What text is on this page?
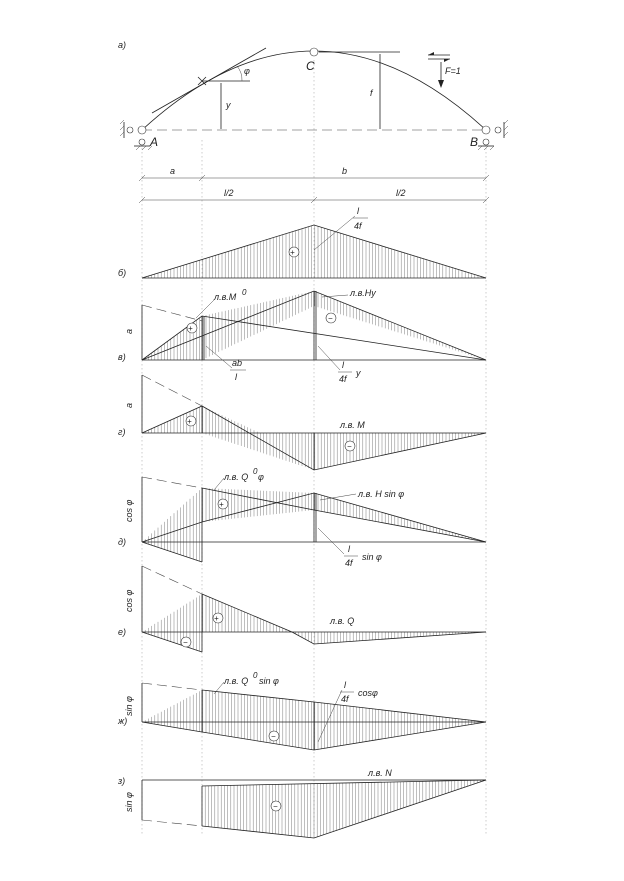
а)
φ
y
f
C
A	B
F=1
a	b
l/2	l/2
б)
+
l
4f
в)
+
−
a
л.в.M 0	л.в.Hy
ab
l
l
4f
y
г)
+
−
a
л.в. M
д)
+
cos φ
л.в. Q
0
φ
л.в. H sin φ
l
4f
sin φ
е)
+
−
cos φ
л.в. Q
ж)
−
sin φ
л.в. Q
0
sin φ	l
4f
cosφ
з)
−
sin φ
л.в. N
